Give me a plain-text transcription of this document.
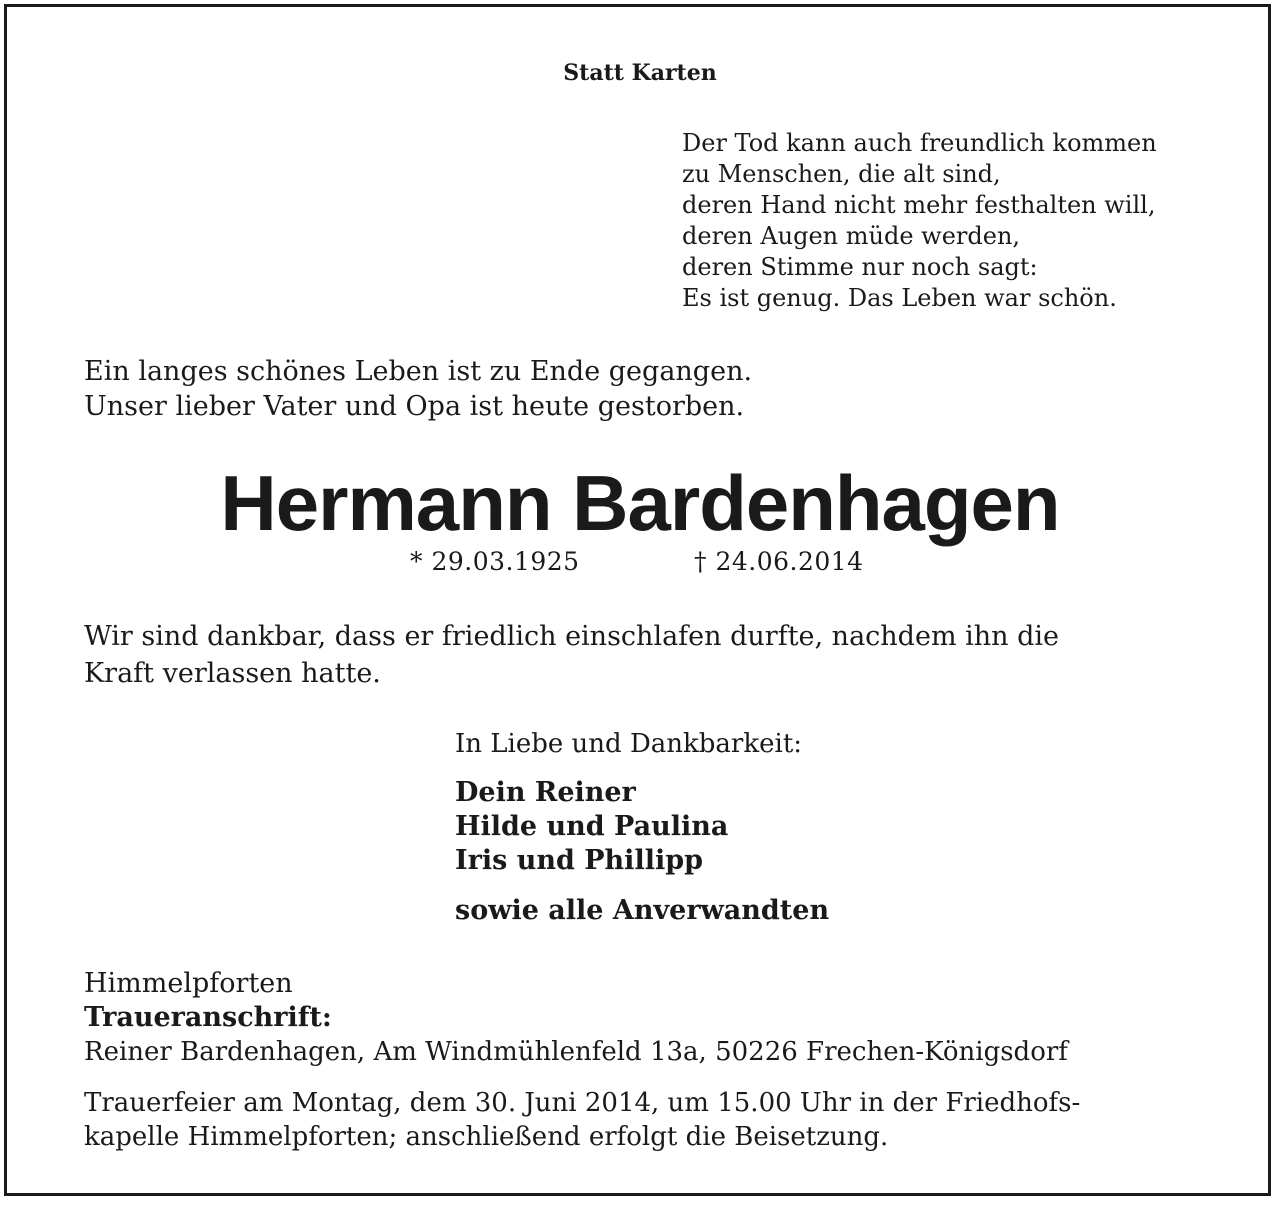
Statt Karten
Der Tod kann auch freundlich kommen
zu Menschen, die alt sind,
deren Hand nicht mehr festhalten will,
deren Augen müde werden,
deren Stimme nur noch sagt:
Es ist genug. Das Leben war schön.
Ein langes schönes Leben ist zu Ende gegangen.
Unser lieber Vater und Opa ist heute gestorben.
Hermann Bardenhagen
* 29.03.1925	† 24.06.2014
Wir sind dankbar, dass er friedlich einschlafen durfte, nachdem ihn die
Kraft verlassen hatte.
In Liebe und Dankbarkeit:
Dein Reiner
Hilde und Paulina
Iris und Phillipp
sowie alle Anverwandten
Himmelpforten
Traueranschrift:
Reiner Bardenhagen, Am Windmühlenfeld 13a, 50226 Frechen-Königsdorf
Trauerfeier am Montag, dem 30. Juni 2014, um 15.00 Uhr in der Friedhofs-
kapelle Himmelpforten; anschließend erfolgt die Beisetzung.
